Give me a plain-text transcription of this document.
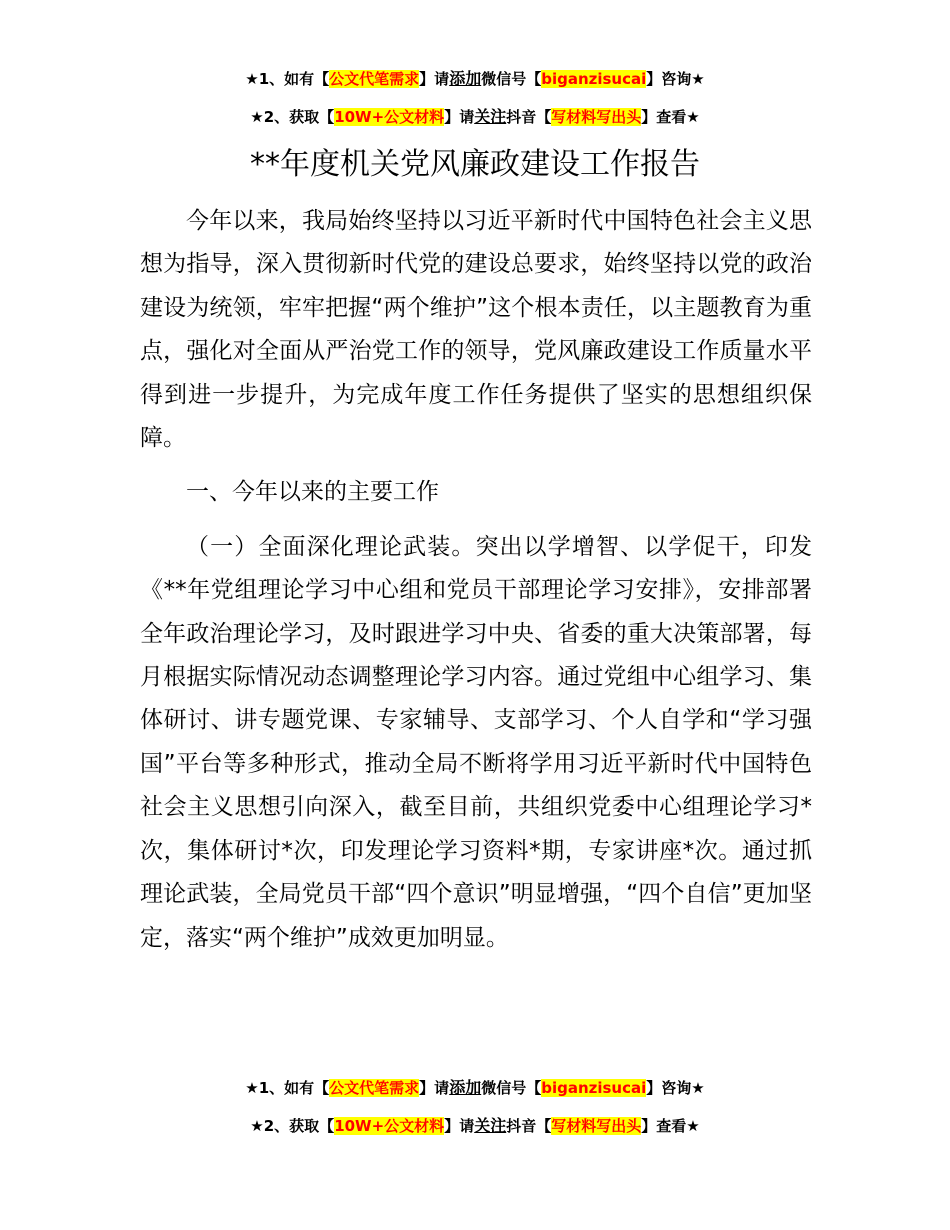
★1、如有【公文代笔需求】请添加微信号【biganzisucai】咨询★
★2、获取【10W+公文材料】请关注抖音【写材料写出头】查看★
**年度机关党风廉政建设工作报告

今年以来，我局始终坚持以习近平新时代中国特色社会主义思想为指导，深入贯彻新时代党的建设总要求，始终坚持以党的政治建设为统领，牢牢把握“两个维护”这个根本责任，以主题教育为重点，强化对全面从严治党工作的领导，党风廉政建设工作质量水平得到进一步提升，为完成年度工作任务提供了坚实的思想组织保障。

一、今年以来的主要工作

（一）全面深化理论武装。突出以学增智、以学促干，印发《**年党组理论学习中心组和党员干部理论学习安排》，安排部署全年政治理论学习，及时跟进学习中央、省委的重大决策部署，每月根据实际情况动态调整理论学习内容。通过党组中心组学习、集体研讨、讲专题党课、专家辅导、支部学习、个人自学和“学习强国”平台等多种形式，推动全局不断将学用习近平新时代中国特色社会主义思想引向深入，截至目前，共组织党委中心组理论学习*次，集体研讨*次，印发理论学习资料*期，专家讲座*次。通过抓理论武装，全局党员干部“四个意识”明显增强，“四个自信”更加坚定，落实“两个维护”成效更加明显。

★1、如有【公文代笔需求】请添加微信号【biganzisucai】咨询★
★2、获取【10W+公文材料】请关注抖音【写材料写出头】查看★
